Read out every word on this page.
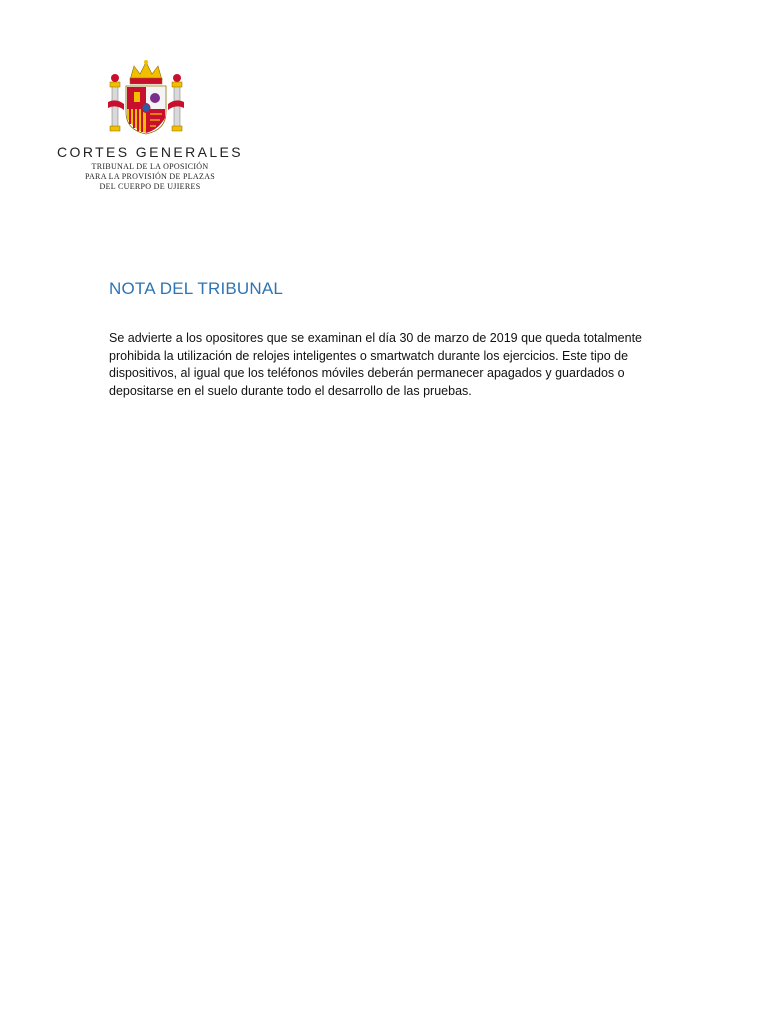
CORTES GENERALES
TRIBUNAL DE LA OPOSICIÓN
PARA LA PROVISIÓN DE PLAZAS
DEL CUERPO DE UJIERES
NOTA DEL TRIBUNAL
Se advierte a los opositores que se examinan el día 30 de marzo de 2019 que queda totalmente
prohibida la utilización de relojes inteligentes o smartwatch durante los ejercicios. Este tipo de
dispositivos, al igual que los teléfonos móviles deberán permanecer apagados y guardados o
depositarse en el suelo durante todo el desarrollo de las pruebas.
